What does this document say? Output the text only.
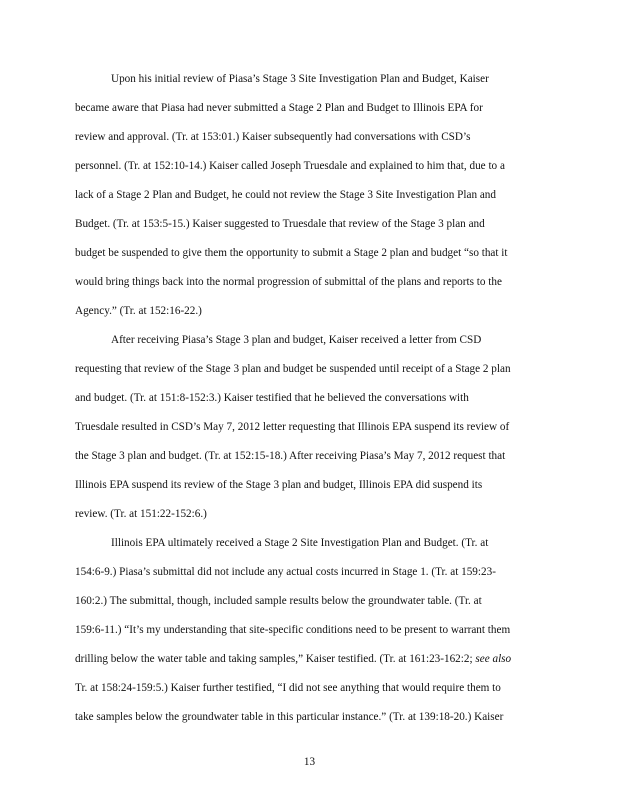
Upon his initial review of Piasa’s Stage 3 Site Investigation Plan and Budget, Kaiser
became aware that Piasa had never submitted a Stage 2 Plan and Budget to Illinois EPA for
review and approval. (Tr. at 153:01.) Kaiser subsequently had conversations with CSD’s
personnel. (Tr. at 152:10-14.) Kaiser called Joseph Truesdale and explained to him that, due to a
lack of a Stage 2 Plan and Budget, he could not review the Stage 3 Site Investigation Plan and
Budget. (Tr. at 153:5-15.) Kaiser suggested to Truesdale that review of the Stage 3 plan and
budget be suspended to give them the opportunity to submit a Stage 2 plan and budget “so that it
would bring things back into the normal progression of submittal of the plans and reports to the
Agency.” (Tr. at 152:16-22.)
After receiving Piasa’s Stage 3 plan and budget, Kaiser received a letter from CSD
requesting that review of the Stage 3 plan and budget be suspended until receipt of a Stage 2 plan
and budget. (Tr. at 151:8-152:3.) Kaiser testified that he believed the conversations with
Truesdale resulted in CSD’s May 7, 2012 letter requesting that Illinois EPA suspend its review of
the Stage 3 plan and budget. (Tr. at 152:15-18.) After receiving Piasa’s May 7, 2012 request that
Illinois EPA suspend its review of the Stage 3 plan and budget, Illinois EPA did suspend its
review. (Tr. at 151:22-152:6.)
Illinois EPA ultimately received a Stage 2 Site Investigation Plan and Budget. (Tr. at
154:6-9.) Piasa’s submittal did not include any actual costs incurred in Stage 1. (Tr. at 159:23-
160:2.) The submittal, though, included sample results below the groundwater table. (Tr. at
159:6-11.) “It’s my understanding that site-specific conditions need to be present to warrant them
drilling below the water table and taking samples,” Kaiser testified. (Tr. at 161:23-162:2; see also
Tr. at 158:24-159:5.) Kaiser further testified, “I did not see anything that would require them to
take samples below the groundwater table in this particular instance.” (Tr. at 139:18-20.) Kaiser
13
